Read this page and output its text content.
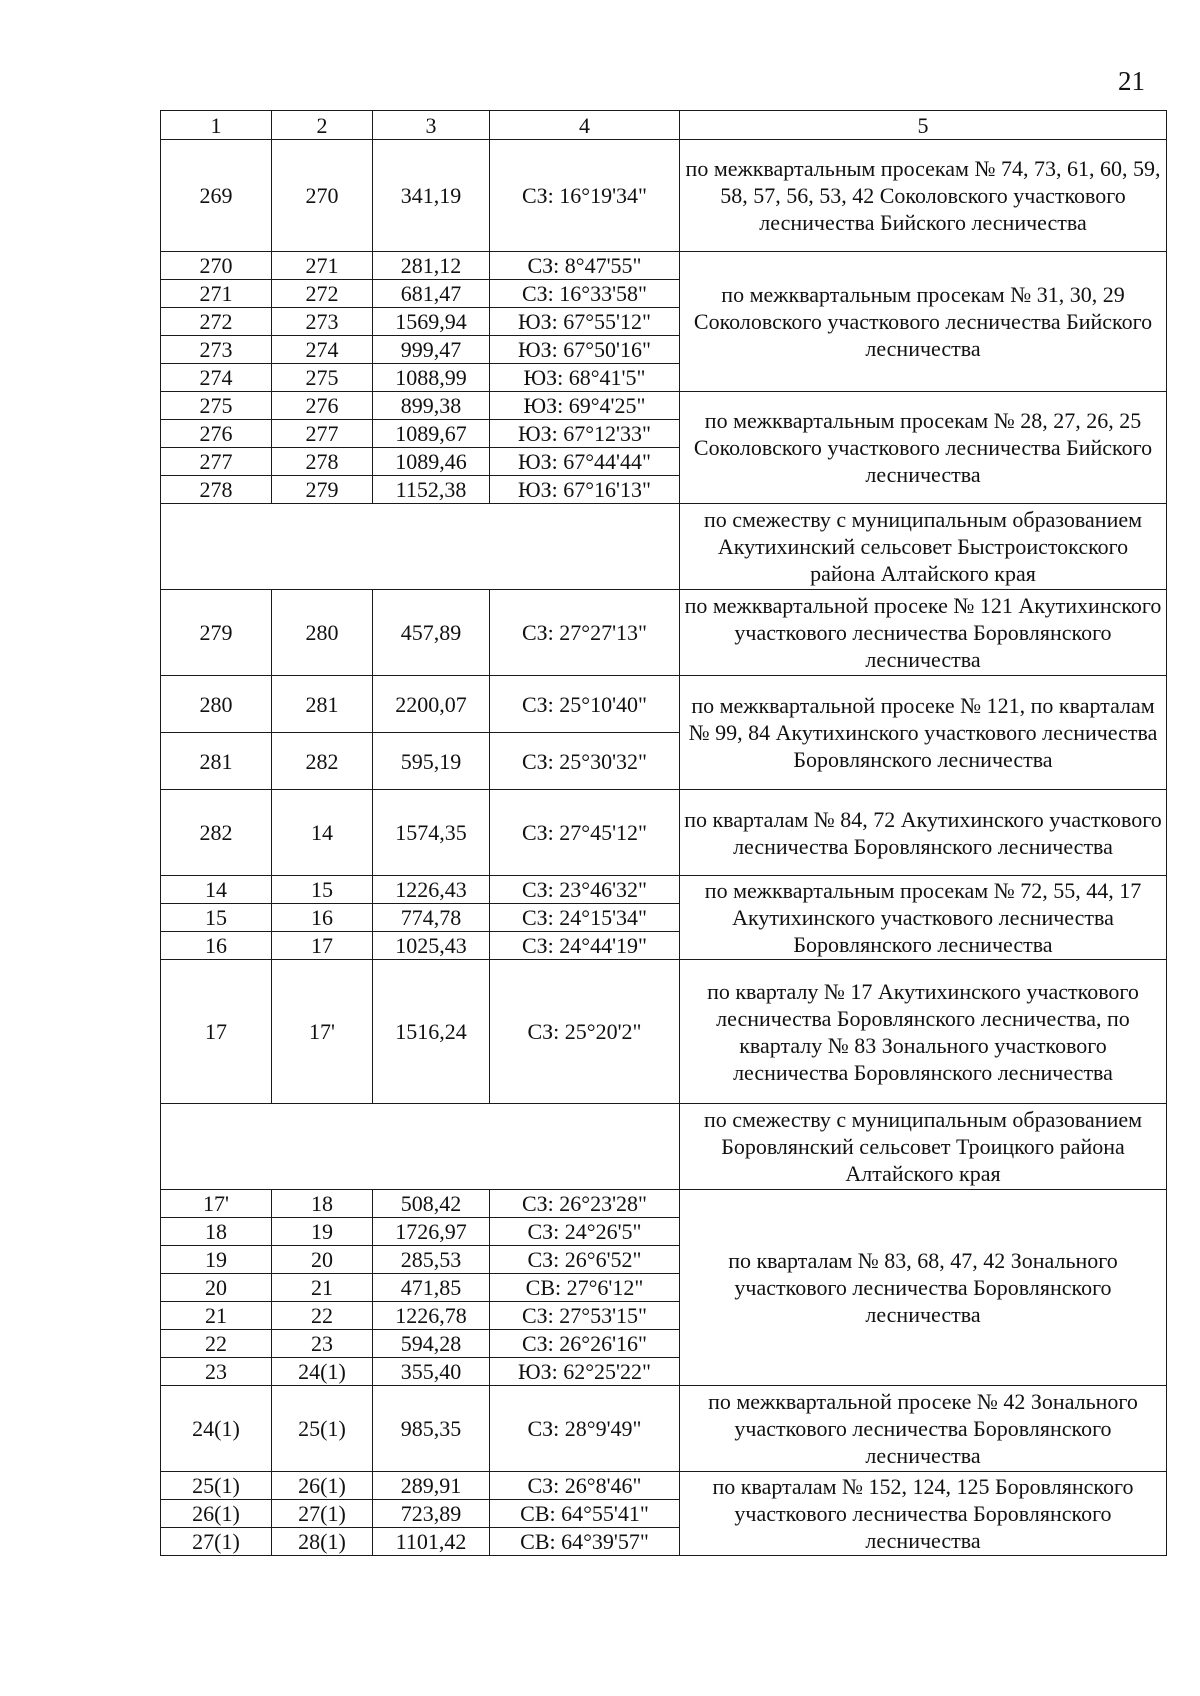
21
1	2	3	4	5
269	270	341,19	СЗ: 16°19'34"	по межквартальным просекам № 74, 73, 61, 60, 59, 58, 57, 56, 53, 42 Соколовского участкового лесничества Бийского лесничества
270	271	281,12	СЗ: 8°47'55"	по межквартальным просекам № 31, 30, 29 Соколовского участкового лесничества Бийского лесничества
271	272	681,47	СЗ: 16°33'58"	
272	273	1569,94	ЮЗ: 67°55'12"	
273	274	999,47	ЮЗ: 67°50'16"	
274	275	1088,99	ЮЗ: 68°41'5"	
275	276	899,38	ЮЗ: 69°4'25"	по межквартальным просекам № 28, 27, 26, 25 Соколовского участкового лесничества Бийского лесничества
276	277	1089,67	ЮЗ: 67°12'33"	
277	278	1089,46	ЮЗ: 67°44'44"	
278	279	1152,38	ЮЗ: 67°16'13"	
				по смежеству с муниципальным образованием Акутихинский сельсовет Быстроистокского района Алтайского края
279	280	457,89	СЗ: 27°27'13"	по межквартальной просеке № 121 Акутихинского участкового лесничества Боровлянского лесничества
280	281	2200,07	СЗ: 25°10'40"	по межквартальной просеке № 121, по кварталам № 99, 84 Акутихинского участкового лесничества Боровлянского лесничества
281	282	595,19	СЗ: 25°30'32"	
282	14	1574,35	СЗ: 27°45'12"	по кварталам № 84, 72 Акутихинского участкового лесничества Боровлянского лесничества
14	15	1226,43	СЗ: 23°46'32"	по межквартальным просекам № 72, 55, 44, 17 Акутихинского участкового лесничества Боровлянского лесничества
15	16	774,78	СЗ: 24°15'34"	
16	17	1025,43	СЗ: 24°44'19"	
17	17'	1516,24	СЗ: 25°20'2"	по кварталу № 17 Акутихинского участкового лесничества Боровлянского лесничества, по кварталу № 83 Зонального участкового лесничества Боровлянского лесничества
				по смежеству с муниципальным образованием Боровлянский сельсовет Троицкого района Алтайского края
17'	18	508,42	СЗ: 26°23'28"	по кварталам № 83, 68, 47, 42 Зонального участкового лесничества Боровлянского лесничества
18	19	1726,97	СЗ: 24°26'5"	
19	20	285,53	СЗ: 26°6'52"	
20	21	471,85	СВ: 27°6'12"	
21	22	1226,78	СЗ: 27°53'15"	
22	23	594,28	СЗ: 26°26'16"	
23	24(1)	355,40	ЮЗ: 62°25'22"	
24(1)	25(1)	985,35	СЗ: 28°9'49"	по межквартальной просеке № 42 Зонального участкового лесничества Боровлянского лесничества
25(1)	26(1)	289,91	СЗ: 26°8'46"	по кварталам № 152, 124, 125 Боровлянского участкового лесничества Боровлянского лесничества
26(1)	27(1)	723,89	СВ: 64°55'41"	
27(1)	28(1)	1101,42	СВ: 64°39'57"	
